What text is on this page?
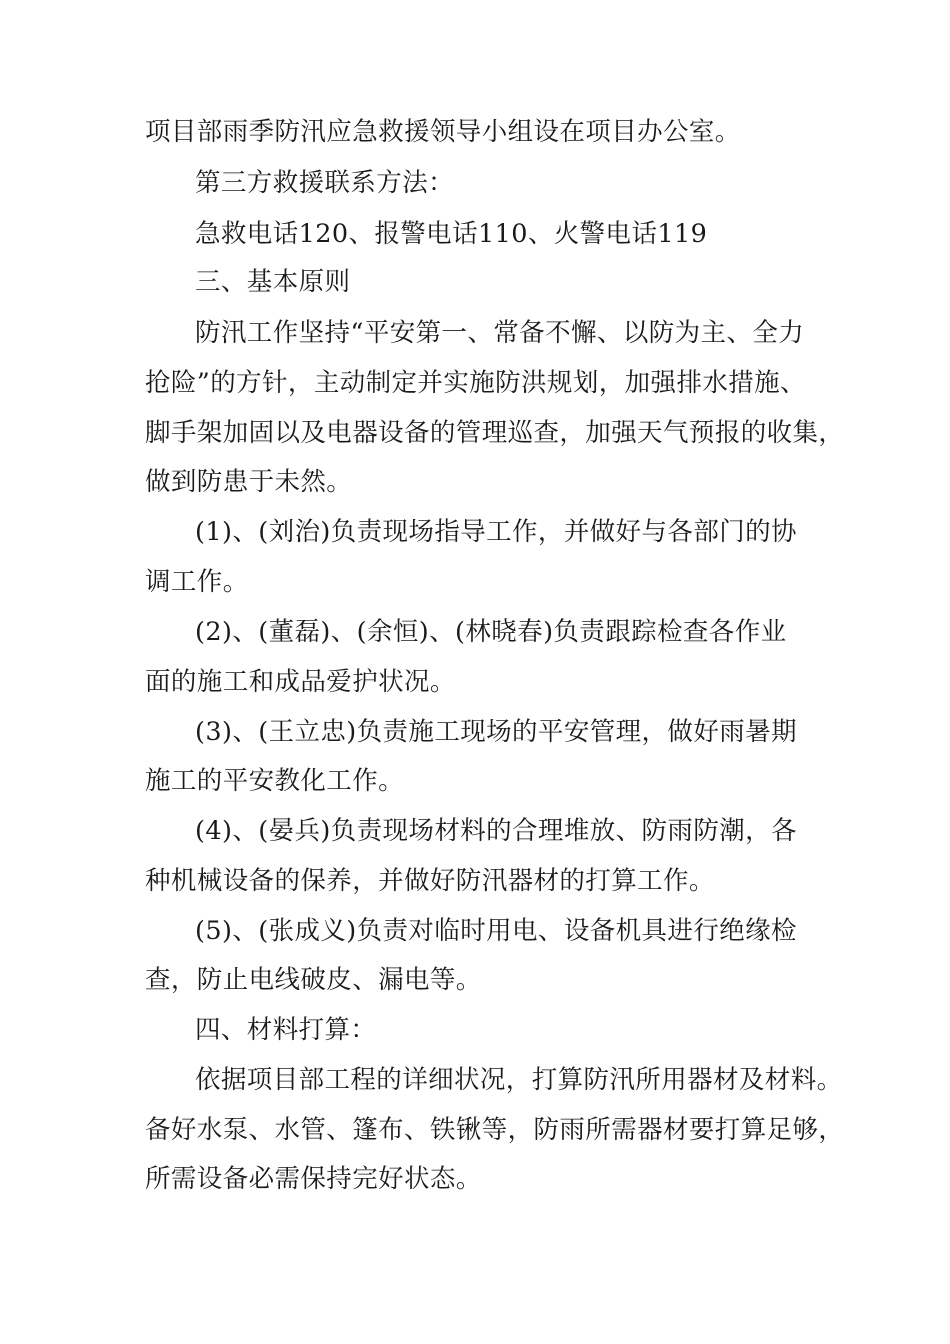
项目部雨季防汛应急救援领导小组设在项目办公室。
第三方救援联系方法：
急救电话120、报警电话110、火警电话119
三、基本原则
防汛工作坚持“平安第一、常备不懈、以防为主、全力
抢险”的方针，主动制定并实施防洪规划，加强排水措施、
脚手架加固以及电器设备的管理巡查，加强天气预报的收集，
做到防患于未然。
(1)、(刘治)负责现场指导工作，并做好与各部门的协
调工作。
(2)、(董磊)、(余恒)、(林晓春)负责跟踪检查各作业
面的施工和成品爱护状况。
(3)、(王立忠)负责施工现场的平安管理，做好雨暑期
施工的平安教化工作。
(4)、(晏兵)负责现场材料的合理堆放、防雨防潮，各
种机械设备的保养，并做好防汛器材的打算工作。
(5)、(张成义)负责对临时用电、设备机具进行绝缘检
查，防止电线破皮、漏电等。
四、材料打算：
依据项目部工程的详细状况，打算防汛所用器材及材料。
备好水泵、水管、篷布、铁锹等，防雨所需器材要打算足够，
所需设备必需保持完好状态。
